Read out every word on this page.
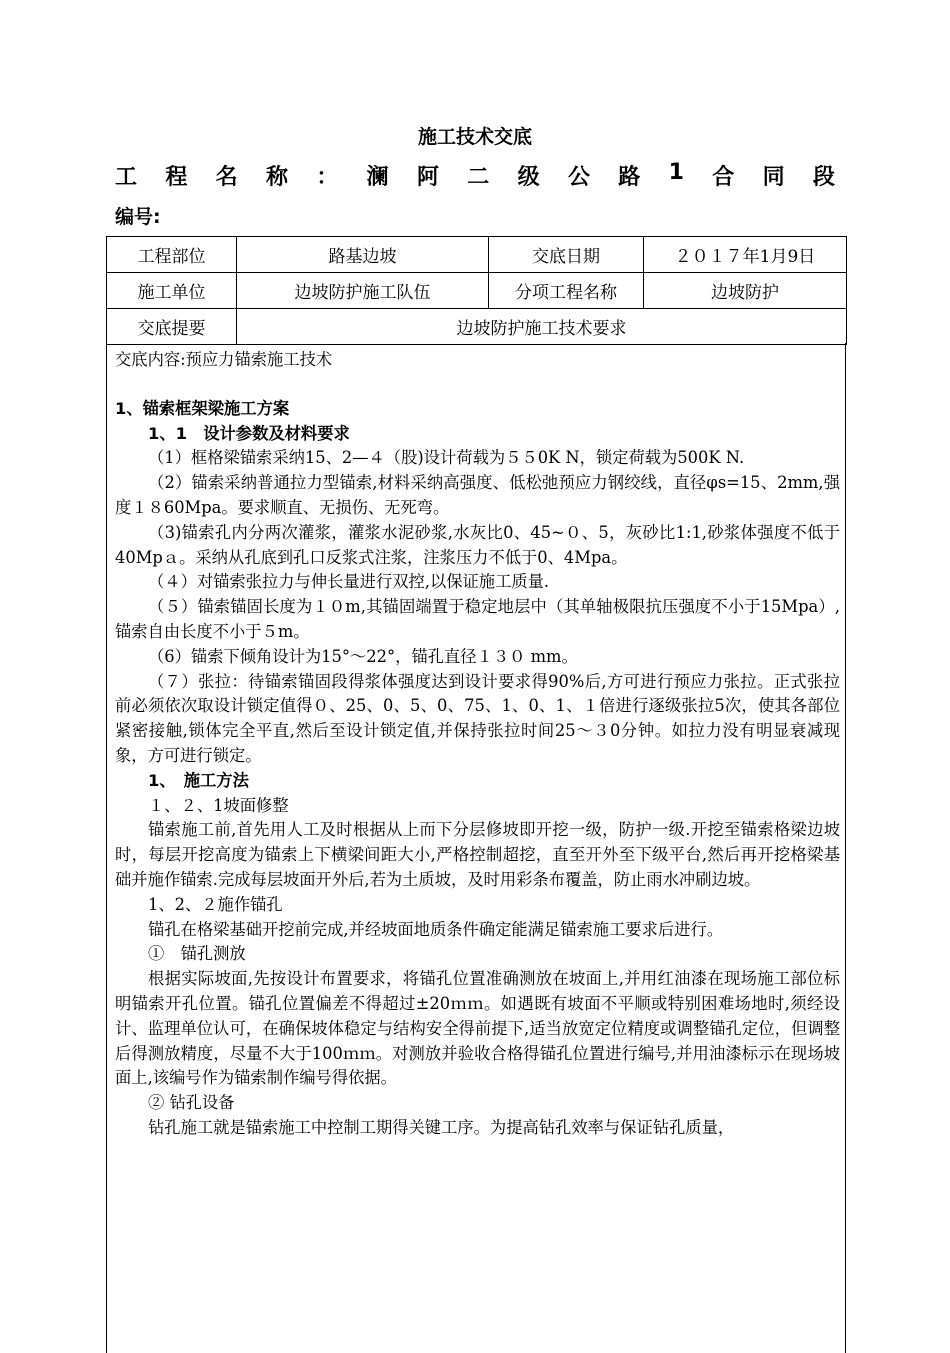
施工技术交底
工 程 名 称 ： 澜 阿 二 级 公 路 1 合 同 段
编号:
工程部位	路基边坡	交底日期	２０１７年1月9日
施工单位	边坡防护施工队伍	分项工程名称	边坡防护
交底提要	边坡防护施工技术要求		

交底内容:预应力锚索施工技术

1、锚索框架梁施工方案

1、1　设计参数及材料要求

（1）框格梁锚索采纳15、2—４（股)设计荷载为５５0K N，锁定荷载为500K N.

（2）锚索采纳普通拉力型锚索,材料采纳高强度、低松弛预应力钢绞线，直径φs=15、2mm,强度１８60Mpa。要求顺直、无损伤、无死弯。

（3)锚索孔内分两次灌浆，灌浆水泥砂浆,水灰比0、45~０、5，灰砂比1:1,砂浆体强度不低于40Mpａ。采纳从孔底到孔口反浆式注浆，注浆压力不低于0、4Mpa。

（４）对锚索张拉力与伸长量进行双控,以保证施工质量.

（５）锚索锚固长度为１０m,其锚固端置于稳定地层中（其单轴极限抗压强度不小于15Mpa）,锚索自由长度不小于５m。

（6）锚索下倾角设计为15°～22°，锚孔直径１３０ mm。

（７）张拉：待锚索锚固段得浆体强度达到设计要求得90%后,方可进行预应力张拉。正式张拉前必须依次取设计锁定值得０、25、0、5、0、75、1、0、1、１倍进行逐级张拉5次，使其各部位紧密接触,锁体完全平直,然后至设计锁定值,并保持张拉时间25～３0分钟。如拉力没有明显衰减现象，方可进行锁定。

1、　施工方法

１、２、1坡面修整

锚索施工前,首先用人工及时根据从上而下分层修坡即开挖一级，防护一级.开挖至锚索格梁边坡时，每层开挖高度为锚索上下横梁间距大小,严格控制超挖，直至开外至下级平台,然后再开挖格梁基础并施作锚索.完成每层坡面开外后,若为土质坡，及时用彩条布覆盖，防止雨水冲刷边坡。

1、2、２施作锚孔

锚孔在格梁基础开挖前完成,并经坡面地质条件确定能满足锚索施工要求后进行。

①　锚孔测放

根据实际坡面,先按设计布置要求，将锚孔位置准确测放在坡面上,并用红油漆在现场施工部位标明锚索开孔位置。锚孔位置偏差不得超过±20ｍｍ。如遇既有坡面不平顺或特别困难场地时,须经设计、监理单位认可，在确保坡体稳定与结构安全得前提下,适当放宽定位精度或调整锚孔定位，但调整后得测放精度，尽量不大于100ｍｍ。对测放并验收合格得锚孔位置进行编号,并用油漆标示在现场坡面上,该编号作为锚索制作编号得依据。

② 钻孔设备

钻孔施工就是锚索施工中控制工期得关键工序。为提高钻孔效率与保证钻孔质量，
